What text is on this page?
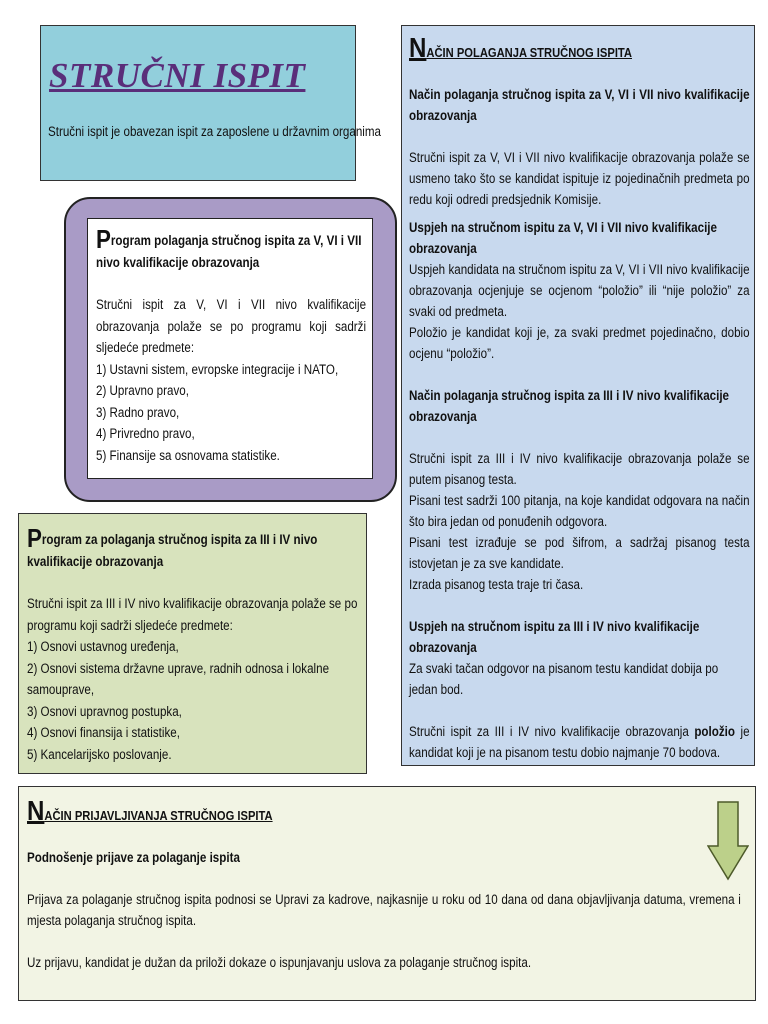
STRUČNI ISPIT
Stručni ispit je obavezan ispit za zaposlene u državnim organima

Program polaganja stručnog ispita za V, VI i VII nivo kvalifikacije obrazovanja

Stručni ispit za V, VI i VII nivo kvalifikacije obrazovanja polaže se po programu koji sadrži sljedeće predmete:

1) Ustavni sistem, evropske integracije i NATO,

2) Upravno pravo,

3) Radno pravo,

4) Privredno pravo,

5) Finansije sa osnovama statistike.

Program za polaganja stručnog ispita za III i IV nivo kvalifikacije obrazovanja

Stručni ispit za III i IV nivo kvalifikacije obrazovanja polaže se po programu koji sadrži sljedeće predmete:

1) Osnovi ustavnog uređenja,

2) Osnovi sistema državne uprave, radnih odnosa i lokalne samouprave,

3) Osnovi upravnog postupka,

4) Osnovi finansija i statistike,

5) Kancelarijsko poslovanje.

NAČIN POLAGANJA STRUČNOG ISPITA

Način polaganja stručnog ispita za V, VI i VII nivo kvalifikacije obrazovanja

Stručni ispit za V, VI i VII nivo kvalifikacije obrazovanja polaže se usmeno tako što se kandidat ispituje iz pojedinačnih predmeta po redu koji odredi predsjednik Komisije.

Uspjeh na stručnom ispitu za V, VI i VII nivo kvalifikacije obrazovanja

Uspjeh kandidata na stručnom ispitu za V, VI i VII nivo kvalifikacije obrazovanja ocjenjuje se ocjenom “položio” ili “nije položio” za svaki od predmeta.

Položio je kandidat koji je, za svaki predmet pojedinačno, dobio ocjenu “položio”.

Način polaganja stručnog ispita za III i IV nivo kvalifikacije obrazovanja

Stručni ispit za III i IV nivo kvalifikacije obrazovanja polaže se putem pisanog testa.

Pisani test sadrži 100 pitanja, na koje kandidat odgovara na način što bira jedan od ponuđenih odgovora.

Pisani test izrađuje se pod šifrom, a sadržaj pisanog testa istovjetan je za sve kandidate.

Izrada pisanog testa traje tri časa.

Uspjeh na stručnom ispitu za III i IV nivo kvalifikacije obrazovanja

Za svaki tačan odgovor na pisanom testu kandidat dobija po jedan bod.

Stručni ispit za III i IV nivo kvalifikacije obrazovanja položio je kandidat koji je na pisanom testu dobio najmanje 70 bodova.

NAČIN PRIJAVLJIVANJA STRUČNOG ISPITA

Podnošenje prijave za polaganje ispita

Prijava za polaganje stručnog ispita podnosi se Upravi za kadrove, najkasnije u roku od 10 dana od dana objavljivanja datuma, vremena i mjesta polaganja stručnog ispita.

Uz prijavu, kandidat je dužan da priloži dokaze o ispunjavanju uslova za polaganje stručnog ispita.
